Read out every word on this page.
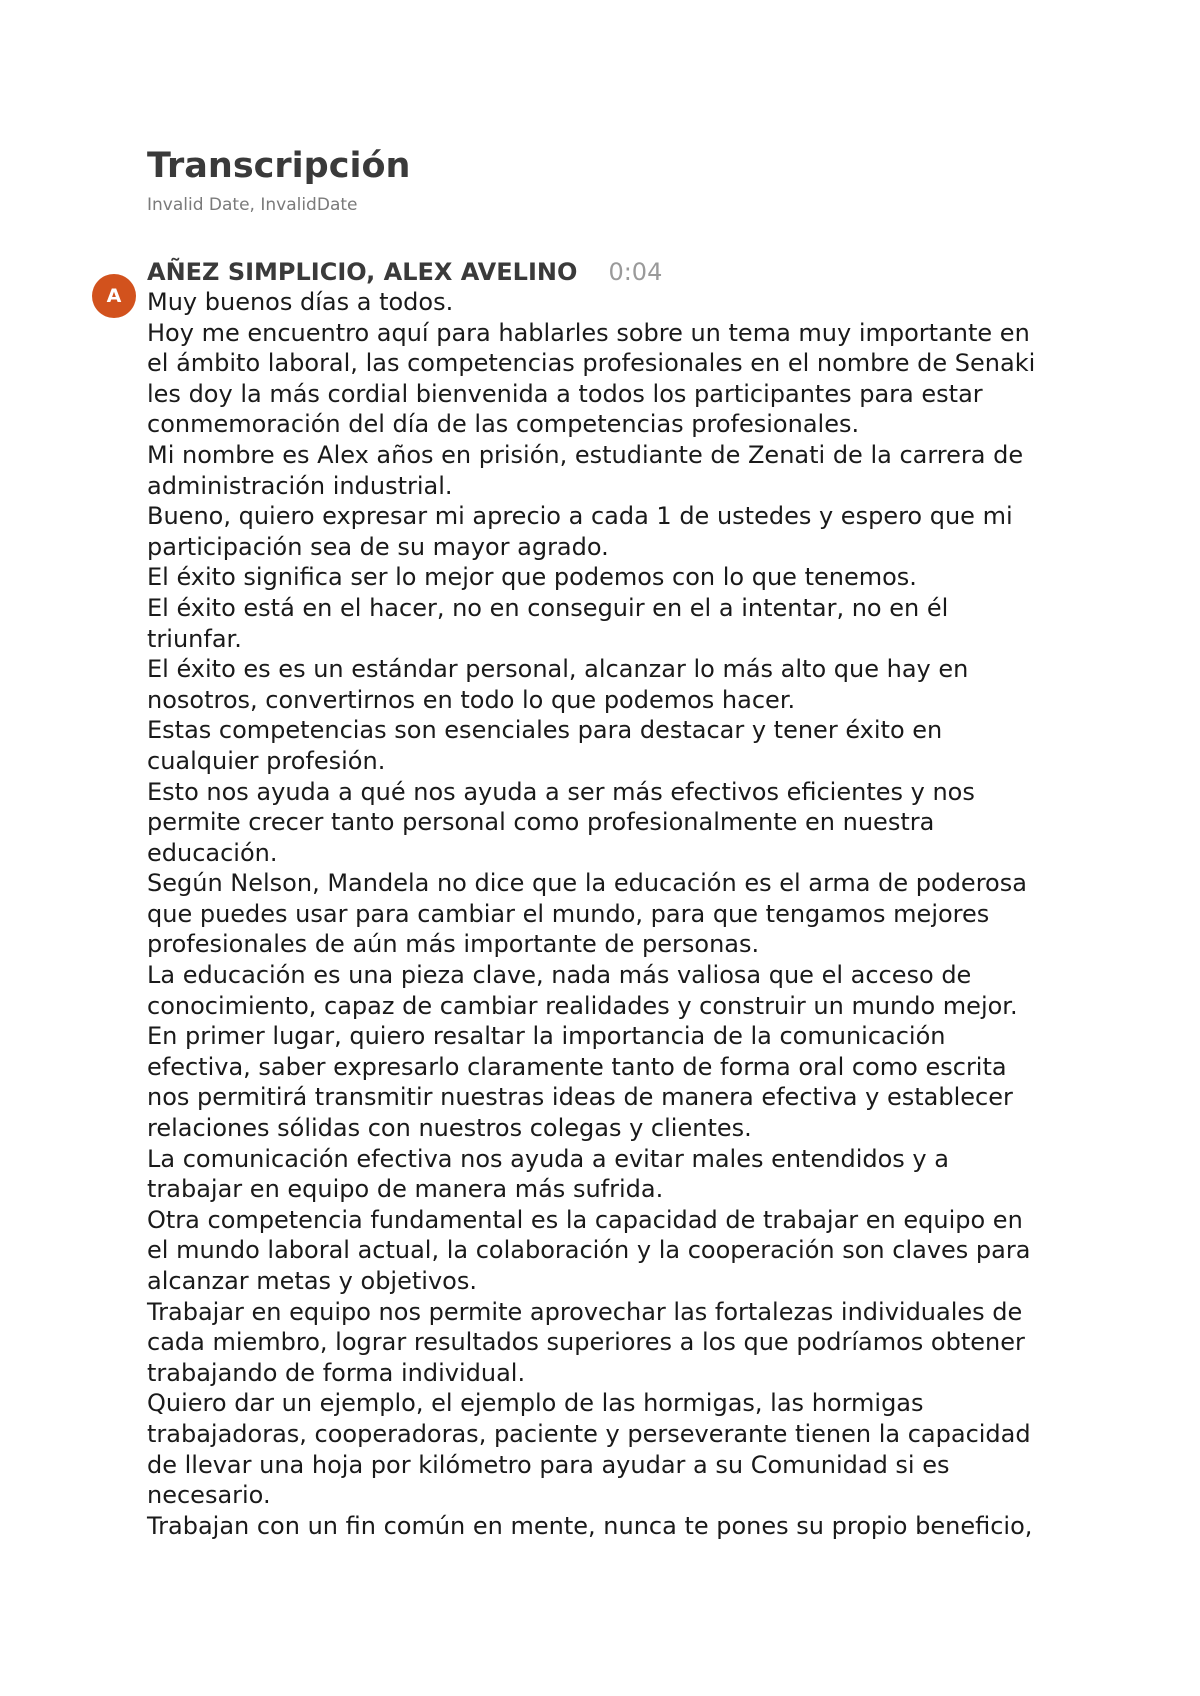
Transcripción
Invalid Date, InvalidDate
A
AÑEZ SIMPLICIO, ALEX AVELINO 0:04
Muy buenos días a todos.
Hoy me encuentro aquí para hablarles sobre un tema muy importante en
el ámbito laboral, las competencias profesionales en el nombre de Senaki
les doy la más cordial bienvenida a todos los participantes para estar
conmemoración del día de las competencias profesionales.
Mi nombre es Alex años en prisión, estudiante de Zenati de la carrera de
administración industrial.
Bueno, quiero expresar mi aprecio a cada 1 de ustedes y espero que mi
participación sea de su mayor agrado.
El éxito significa ser lo mejor que podemos con lo que tenemos.
El éxito está en el hacer, no en conseguir en el a intentar, no en él
triunfar.
El éxito es es un estándar personal, alcanzar lo más alto que hay en
nosotros, convertirnos en todo lo que podemos hacer.
Estas competencias son esenciales para destacar y tener éxito en
cualquier profesión.
Esto nos ayuda a qué nos ayuda a ser más efectivos eficientes y nos
permite crecer tanto personal como profesionalmente en nuestra
educación.
Según Nelson, Mandela no dice que la educación es el arma de poderosa
que puedes usar para cambiar el mundo, para que tengamos mejores
profesionales de aún más importante de personas.
La educación es una pieza clave, nada más valiosa que el acceso de
conocimiento, capaz de cambiar realidades y construir un mundo mejor.
En primer lugar, quiero resaltar la importancia de la comunicación
efectiva, saber expresarlo claramente tanto de forma oral como escrita
nos permitirá transmitir nuestras ideas de manera efectiva y establecer
relaciones sólidas con nuestros colegas y clientes.
La comunicación efectiva nos ayuda a evitar males entendidos y a
trabajar en equipo de manera más sufrida.
Otra competencia fundamental es la capacidad de trabajar en equipo en
el mundo laboral actual, la colaboración y la cooperación son claves para
alcanzar metas y objetivos.
Trabajar en equipo nos permite aprovechar las fortalezas individuales de
cada miembro, lograr resultados superiores a los que podríamos obtener
trabajando de forma individual.
Quiero dar un ejemplo, el ejemplo de las hormigas, las hormigas
trabajadoras, cooperadoras, paciente y perseverante tienen la capacidad
de llevar una hoja por kilómetro para ayudar a su Comunidad si es
necesario.
Trabajan con un fin común en mente, nunca te pones su propio beneficio,
